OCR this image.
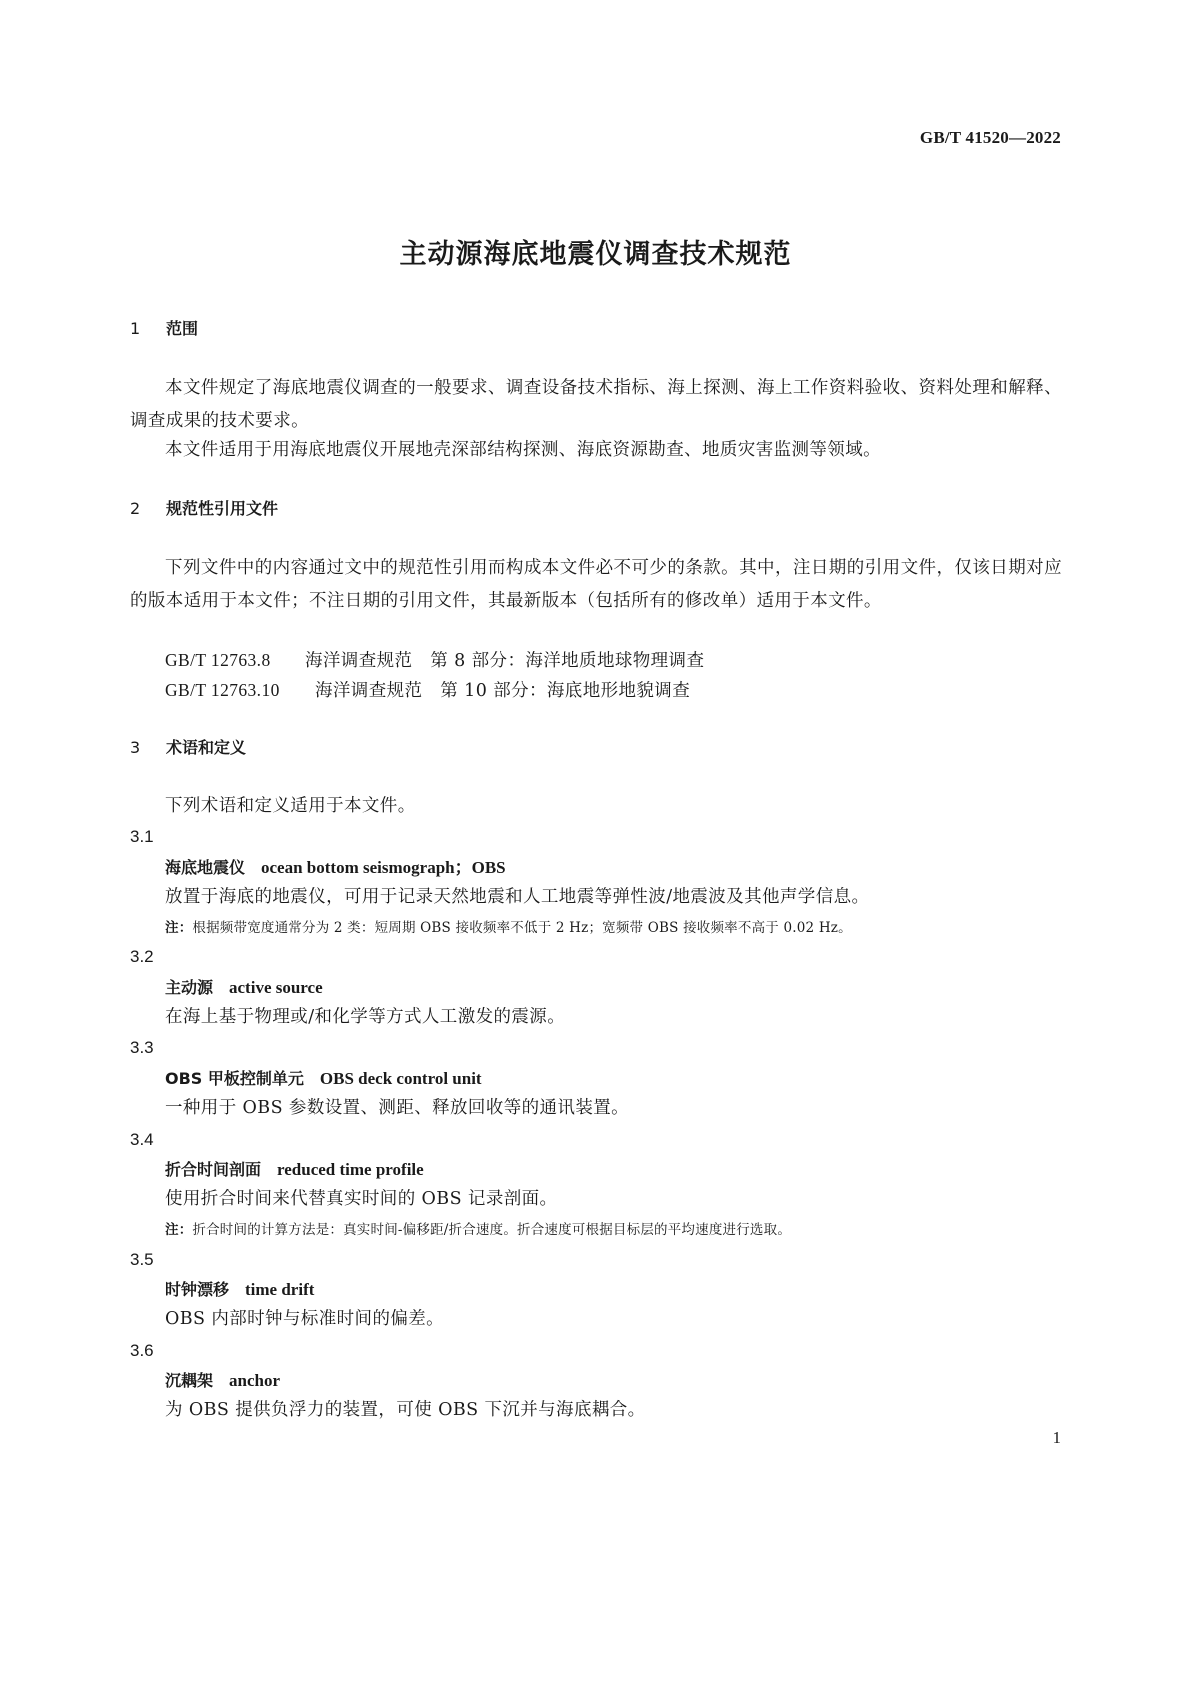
GB/T 41520—2022
主动源海底地震仪调查技术规范
1 范围
本文件规定了海底地震仪调查的一般要求、调查设备技术指标、海上探测、海上工作资料验收、资料处理和解释、调查成果的技术要求。
本文件适用于用海底地震仪开展地壳深部结构探测、海底资源勘查、地质灾害监测等领域。
2 规范性引用文件
下列文件中的内容通过文中的规范性引用而构成本文件必不可少的条款。其中，注日期的引用文件，仅该日期对应的版本适用于本文件；不注日期的引用文件，其最新版本（包括所有的修改单）适用于本文件。
GB/T 12763.8 海洋调查规范　第 8 部分：海洋地质地球物理调查
GB/T 12763.10 海洋调查规范　第 10 部分：海底地形地貌调查
3 术语和定义
下列术语和定义适用于本文件。
3.1
海底地震仪 ocean bottom seismograph；OBS
放置于海底的地震仪，可用于记录天然地震和人工地震等弹性波/地震波及其他声学信息。
注：根据频带宽度通常分为 2 类：短周期 OBS 接收频率不低于 2 Hz；宽频带 OBS 接收频率不高于 0.02 Hz。
3.2
主动源 active source
在海上基于物理或/和化学等方式人工激发的震源。
3.3
OBS 甲板控制单元 OBS deck control unit
一种用于 OBS 参数设置、测距、释放回收等的通讯装置。
3.4
折合时间剖面 reduced time profile
使用折合时间来代替真实时间的 OBS 记录剖面。
注：折合时间的计算方法是：真实时间-偏移距/折合速度。折合速度可根据目标层的平均速度进行选取。
3.5
时钟漂移 time drift
OBS 内部时钟与标准时间的偏差。
3.6
沉耦架 anchor
为 OBS 提供负浮力的装置，可使 OBS 下沉并与海底耦合。
1
